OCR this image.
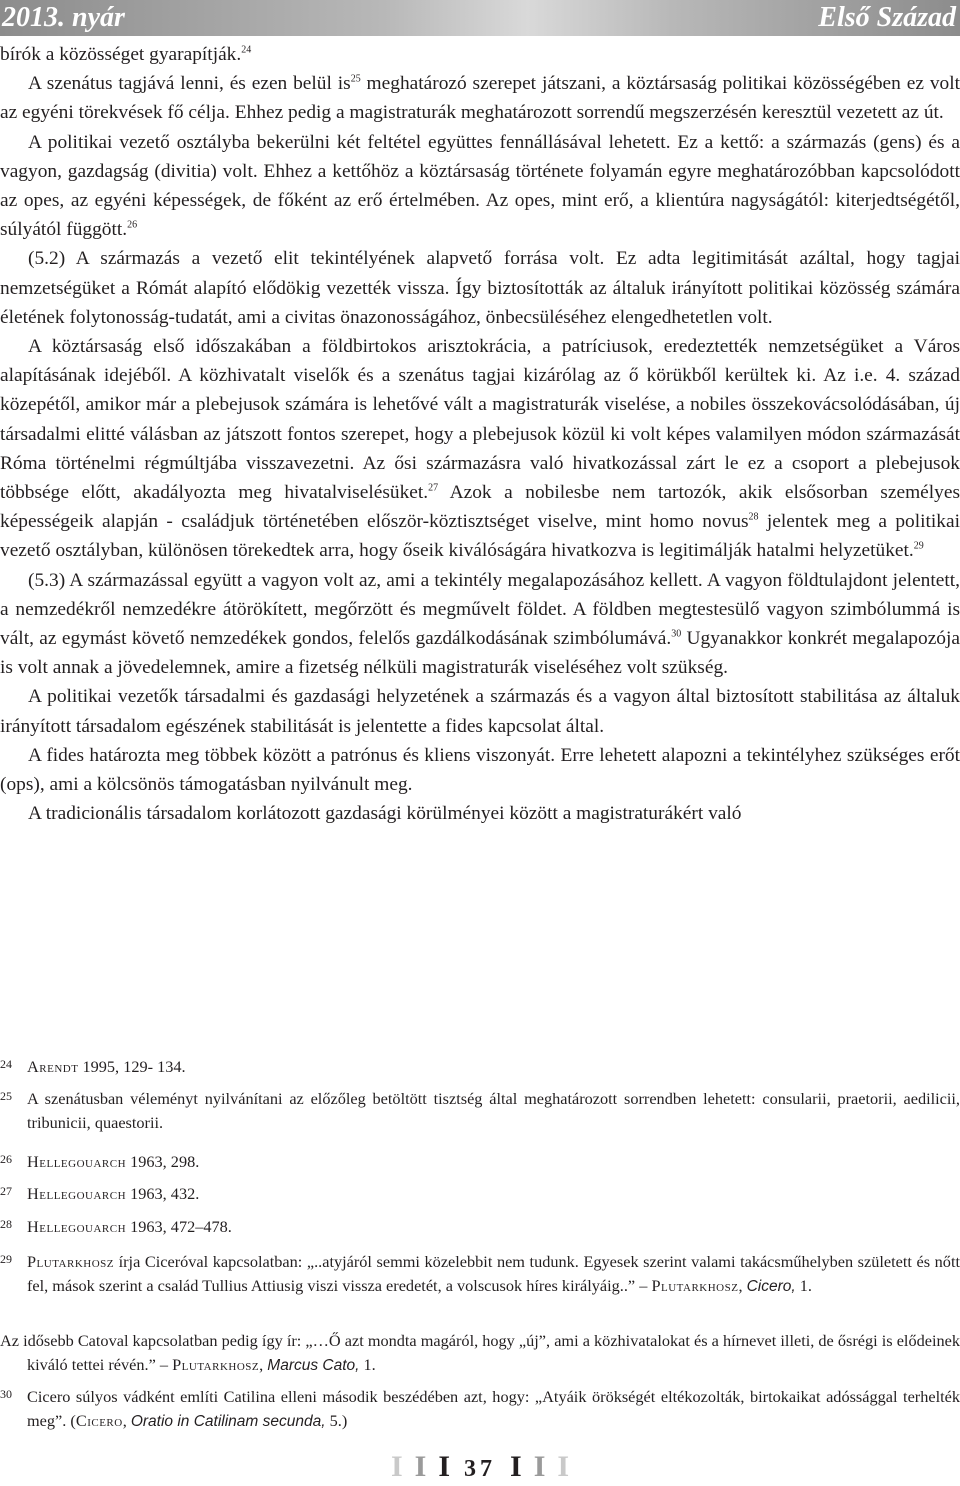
2013. nyár	Első Század

bírók a közösséget gyarapítják.$^{24}$

A szenátus tagjává lenni, és ezen belül $is^{25}$ meghatározó szerepet játszani, a köztársaság politikai közösségében ez volt az egyéni törekvések fő célja. Ehhez pedig a magistraturák meghatározott sorrendű megszerzésén keresztül vezetett az út.

A politikai vezető osztályba bekerülni két feltétel együttes fennállásával lehetett. Ez a kettő: a származás (gens) és a vagyon, gazdagság (divitia) volt. Ehhez a kettőhöz a köztársaság története folyamán egyre meghatározóbban kapcsolódott az opes, az egyéni képességek, de főként az erő értelmében. Az opes, mint erő, a klientúra nagyságától: kiterjedtségétől, súlyától függött.$^{26}$

(5.2) A származás a vezető elit tekintélyének alapvető forrása volt. Ez adta legitimitását azáltal, hogy tagjai nemzetségüket a Rómát alapító elődökig vezették vissza. Így biztosították az általuk irányított politikai közösség számára életének folytonosság-tudatát, ami a civitas önazonosságához, önbecsüléséhez elengedhetetlen volt.

A köztársaság első időszakában a földbirtokos arisztokrácia, a patríciusok, eredeztették nemzetségüket a Város alapításának idejéből. A közhivatalt viselők és a szenátus tagjai kizárólag az ő körükből kerültek ki. Az i.e. 4. század közepétől, amikor már a plebejusok számára is lehetővé vált a magistraturák viselése, a nobiles összekovácsolódásában, új társadalmi elitté válásban az játszott fontos szerepet, hogy a plebejusok közül ki volt képes valamilyen módon származását Róma történelmi régmúltjába visszavezetni. Az ősi származásra való hivatkozással zárt le ez a csoport a plebejusok többsége előtt, akadályozta meg hivatalviselésüket.$^{27}$ Azok a nobilesbe nem tartozók, akik elsősorban személyes képességeik alapján - családjuk történetében először-köztisztséget viselve, mint homo novus$^{28}$ jelentek meg a politikai vezető osztályban, különösen törekedtek arra, hogy őseik kiválóságára hivatkozva is legitimálják hatalmi helyzetüket.$^{29}$

(5.3) A származással együtt a vagyon volt az, ami a tekintély megalapozásához kellett. A vagyon földtulajdont jelentett, a nemzedékről nemzedékre átörökített, megőrzött és megművelt földet. A földben megtestesülő vagyon szimbólummá is vált, az egymást követő nemzedékek gondos, felelős gazdálkodásának szimbólumává.$^{30}$ Ugyanakkor konkrét megalapozója is volt annak a jövedelemnek, amire a fizetség nélküli magistraturák viseléséhez volt szükség.

A politikai vezetők társadalmi és gazdasági helyzetének a származás és a vagyon által biztosított stabilitása az általuk irányított társadalom egészének stabilitását is jelentette a fides kapcsolat által.

A fides határozta meg többek között a patrónus és kliens viszonyát. Erre lehetett alapozni a tekintélyhez szükséges erőt (ops), ami a kölcsönös támogatásban nyilvánult meg.

A tradicionális társadalom korlátozott gazdasági körülményei között a magistraturákért való

24 Arendt 1995, 129- 134.
25 A szenátusban véleményt nyilvánítani az előzőleg betöltött tisztség által meghatározott sorrendben lehetett: consularii, praetorii, aedilicii, tribunicii, quaestorii.
26 Hellegouarch 1963, 298.
27 Hellegouarch 1963, 432.
28 Hellegouarch 1963, 472–478.
29 Plutarkhosz írja Ciceróval kapcsolatban: „..atyjáról semmi közelebbit nem tudunk. Egyesek szerint valami takácsműhelyben született és nőtt fel, mások szerint a család Tullius Attiusig viszi vissza eredetét, a volscusok híres királyáig..” – Plutarkhosz, Cicero, 1.
Az idősebb Catoval kapcsolatban pedig így ír: „…Ő azt mondta magáról, hogy „új”, ami a közhivatalokat és a hírnevet illeti, de ősrégi is elődeinek kiváló tettei révén.” – Plutarkhosz, Marcus Cato, 1.
30 Cicero súlyos vádként említi Catilina elleni második beszédében azt, hogy: „Atyáik örökségét eltékozolták, birtokaikat adóssággal terhelték meg”. (Cicero, Oratio in Catilinam secunda, 5.)
I I I 37 I I I
